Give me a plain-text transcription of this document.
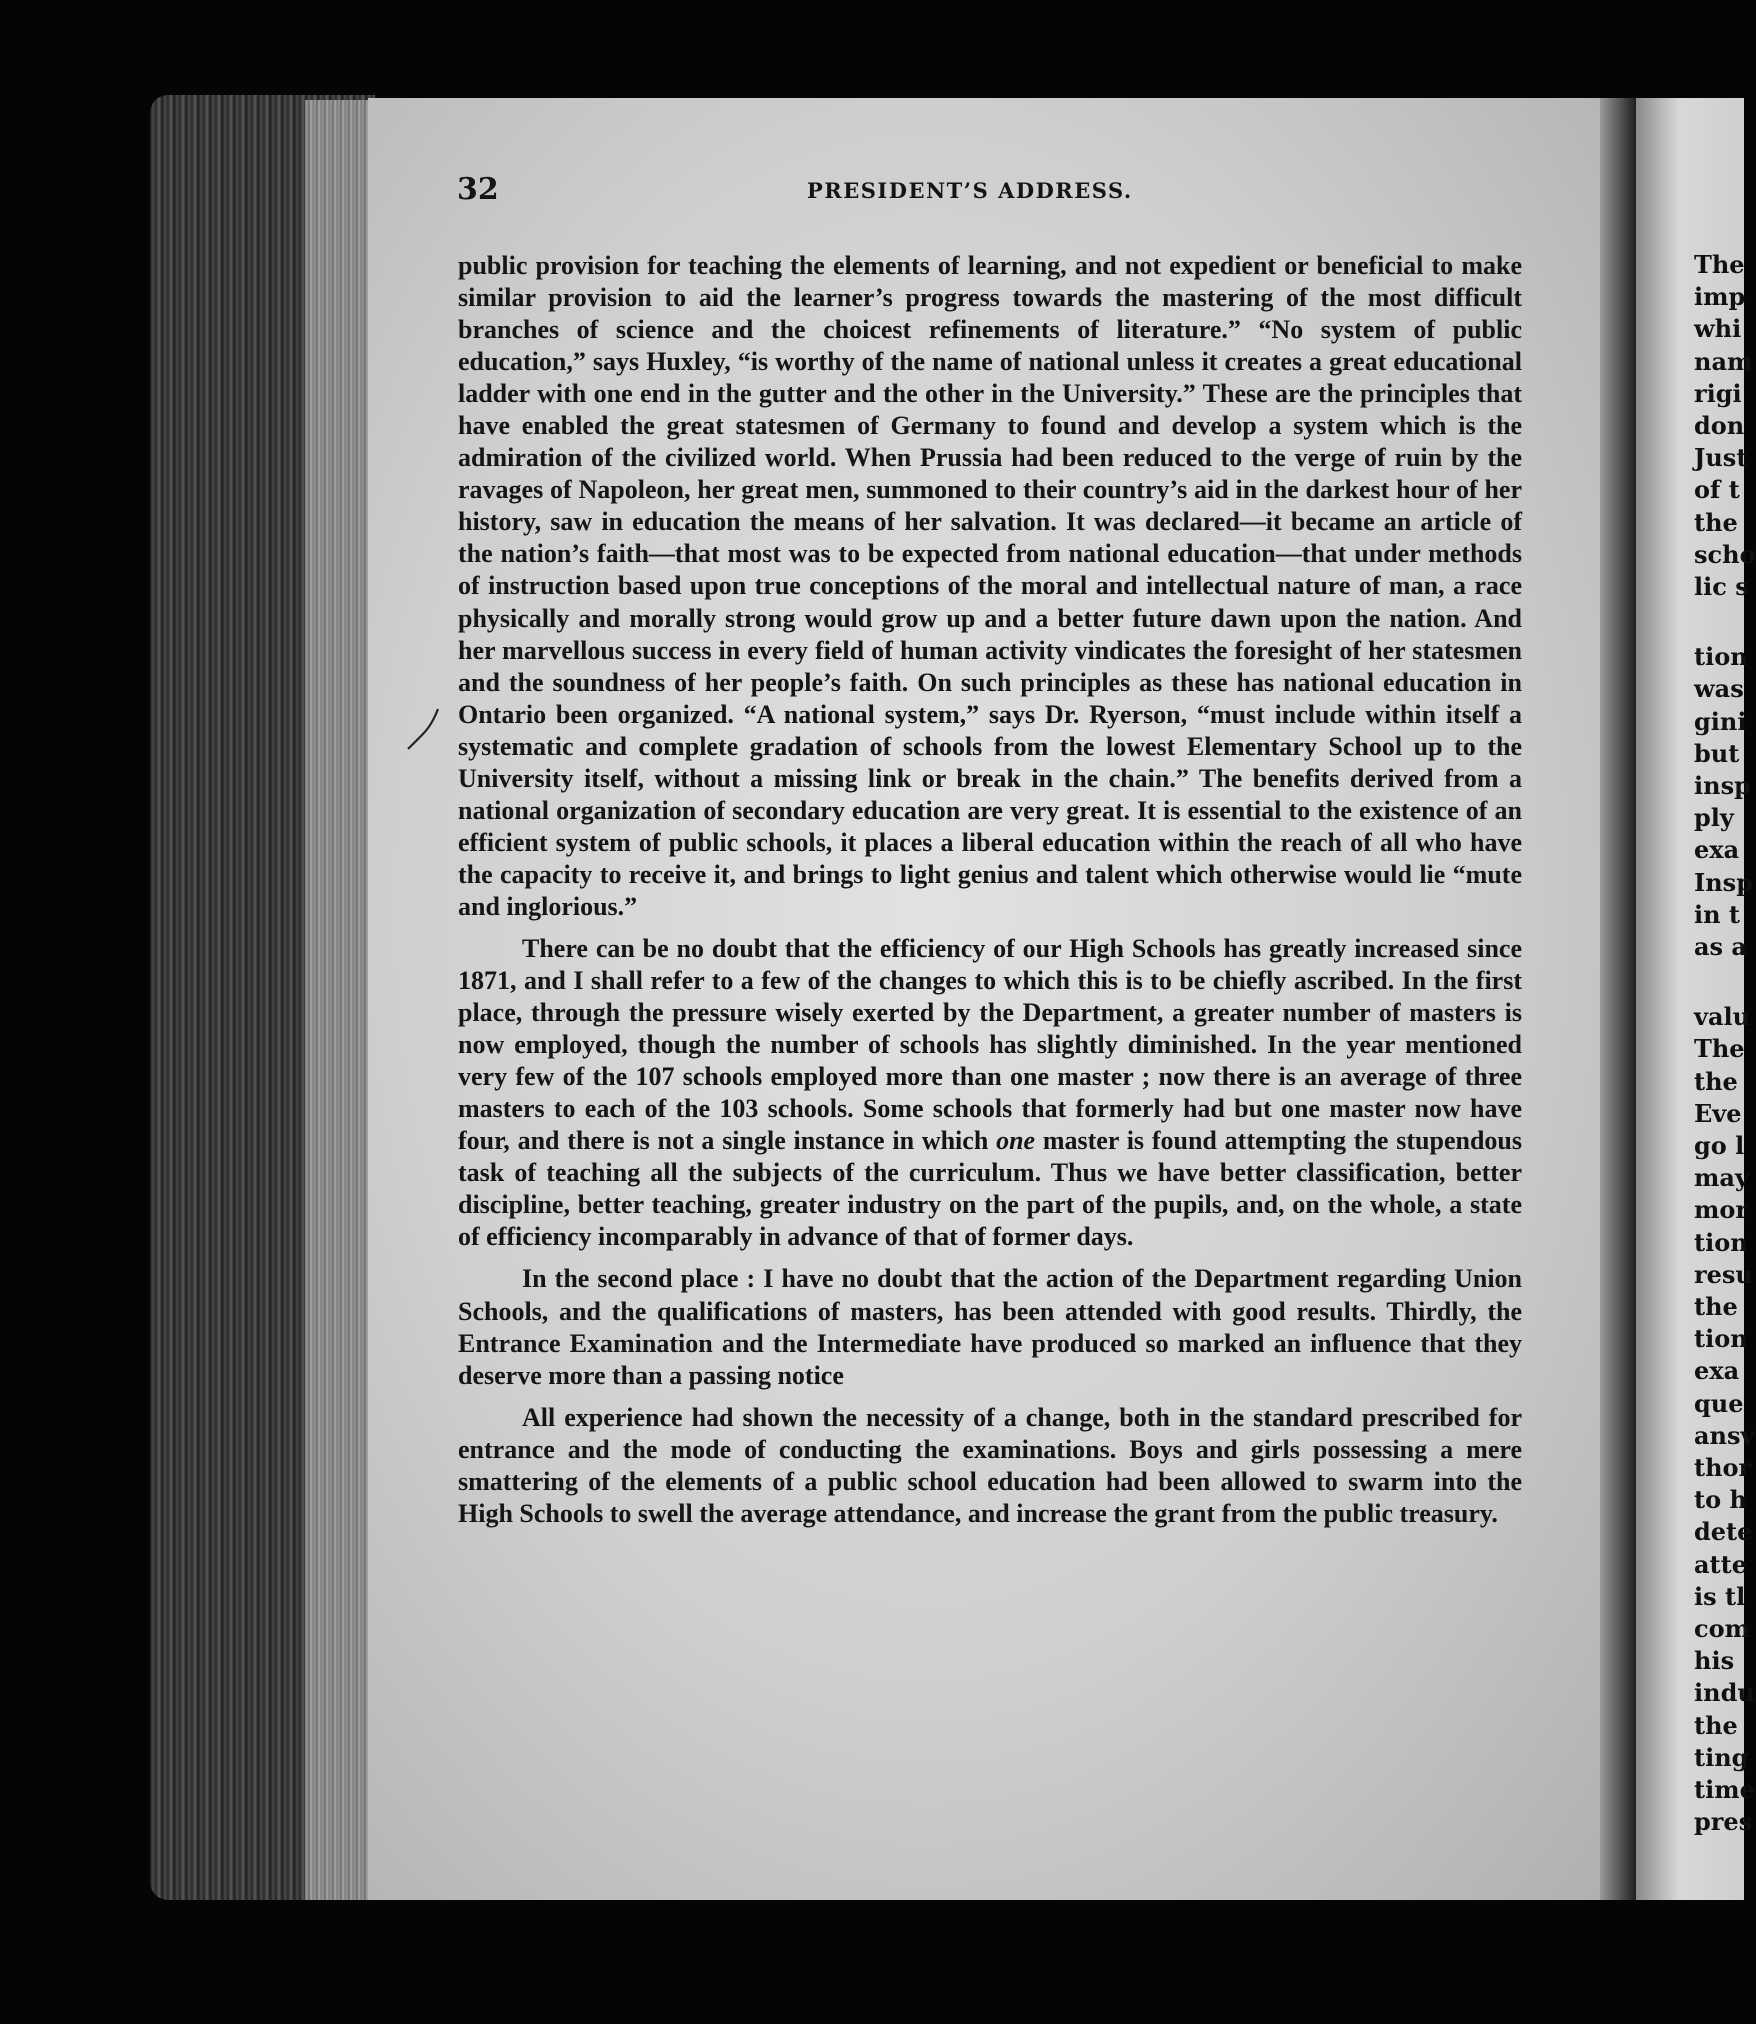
32	PRESIDENT’S ADDRESS.

public provision for teaching the elements of learning, and not expedient or beneficial to make similar provision to aid the learner’s progress towards the mastering of the most difficult branches of science and the choicest refinements of literature.” “No system of public education,” says Huxley, “is worthy of the name of national unless it creates a great educational ladder with one end in the gutter and the other in the University.” These are the principles that have enabled the great statesmen of Germany to found and develop a system which is the admiration of the civilized world. When Prussia had been reduced to the verge of ruin by the ravages of Napoleon, her great men, summoned to their country’s aid in the darkest hour of her history, saw in education the means of her salvation. It was declared—it became an article of the nation’s faith—that most was to be expected from national education—that under methods of instruction based upon true conceptions of the moral and intellectual nature of man, a race physically and morally strong would grow up and a better future dawn upon the nation. And her marvellous success in every field of human activity vindicates the foresight of her statesmen and the soundness of her people’s faith. On such principles as these has national education in Ontario been organized. “A national system,” says Dr. Ryerson, “must include within itself a systematic and complete gradation of schools from the lowest Elementary School up to the University itself, without a missing link or break in the chain.” The benefits derived from a national organization of secondary education are very great. It is essential to the existence of an efficient system of public schools, it places a liberal education within the reach of all who have the capacity to receive it, and brings to light genius and talent which otherwise would lie “mute and inglorious.”

There can be no doubt that the efficiency of our High Schools has greatly increased since 1871, and I shall refer to a few of the changes to which this is to be chiefly ascribed. In the first place, through the pressure wisely exerted by the Department, a greater number of masters is now employed, though the number of schools has slightly diminished. In the year mentioned very few of the 107 schools employed more than one master ; now there is an average of three masters to each of the 103 schools. Some schools that formerly had but one master now have four, and there is not a single instance in which one master is found attempting the stupendous task of teaching all the subjects of the curriculum. Thus we have better classification, better discipline, better teaching, greater industry on the part of the pupils, and, on the whole, a state of efficiency incomparably in advance of that of former days.

In the second place : I have no doubt that the action of the Department regarding Union Schools, and the qualifications of masters, has been attended with good results. Thirdly, the Entrance Examination and the Intermediate have produced so marked an influence that they deserve more than a passing notice

All experience had shown the necessity of a change, both in the standard prescribed for entrance and the mode of conducting the examinations. Boys and girls possessing a mere smattering of the elements of a public school education had been allowed to swarm into the High Schools to swell the average attendance, and increase the grant from the public treasury.

The
imp
whi
nam
rigi
don
Just
of t
the
scho
lic s
tion
was
gini
but
insp
ply
exa
Insp
in t
as a
valu
The
the
Eve
go l
may
mor
tion
resu
the
tion
exa
que
ansv
thor
to h
dete
atte
is tl
com
his
indu
the
ting
time
pres
